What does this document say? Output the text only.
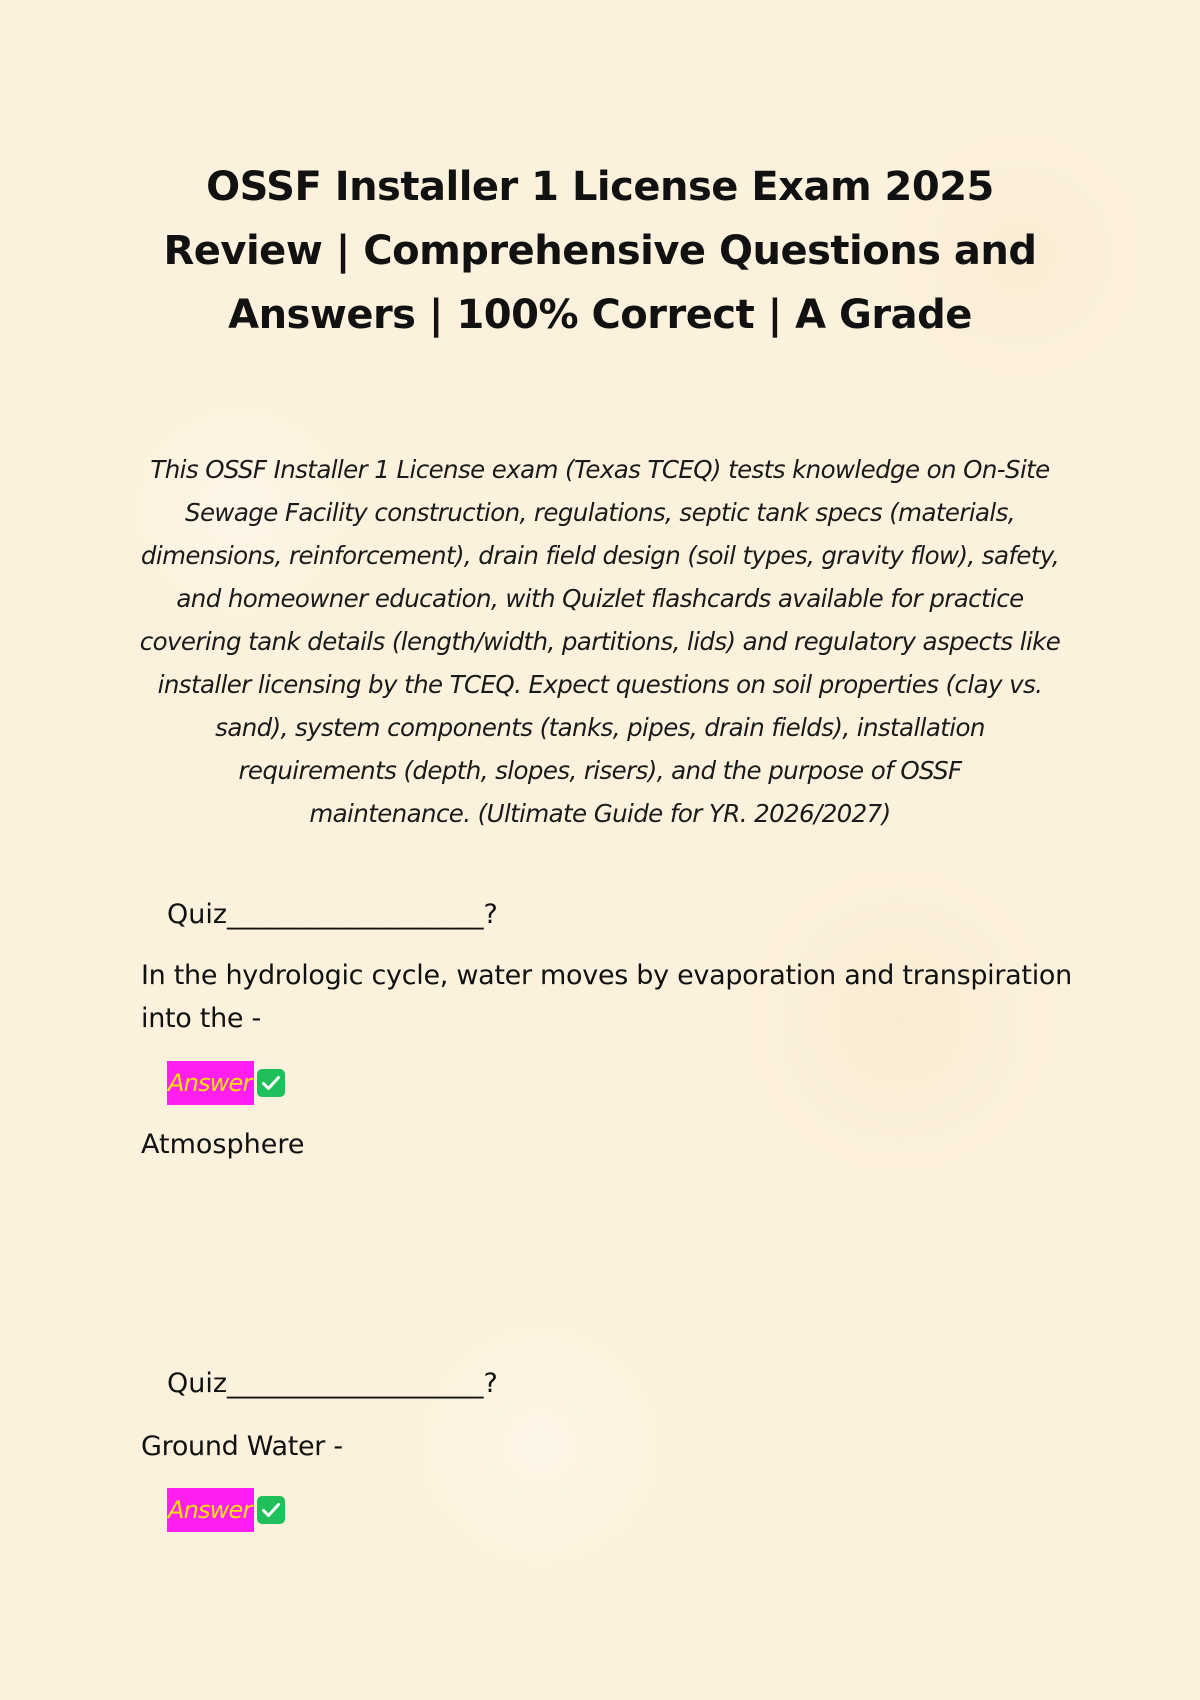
OSSF Installer 1 License Exam 2025
Review | Comprehensive Questions and
Answers | 100% Correct | A Grade

This OSSF Installer 1 License exam (Texas TCEQ) tests knowledge on On-Site
Sewage Facility construction, regulations, septic tank specs (materials,
dimensions, reinforcement), drain field design (soil types, gravity flow), safety,
and homeowner education, with Quizlet flashcards available for practice
covering tank details (length/width, partitions, lids) and regulatory aspects like
installer licensing by the TCEQ. Expect questions on soil properties (clay vs.
sand), system components (tanks, pipes, drain fields), installation
requirements (depth, slopes, risers), and the purpose of OSSF
maintenance. (Ultimate Guide for YR. 2026/2027)

Quiz___________________?

In the hydrologic cycle, water moves by evaporation and transpiration
into the -

Answer
Atmosphere
Quiz___________________?

Ground Water -

Answer
